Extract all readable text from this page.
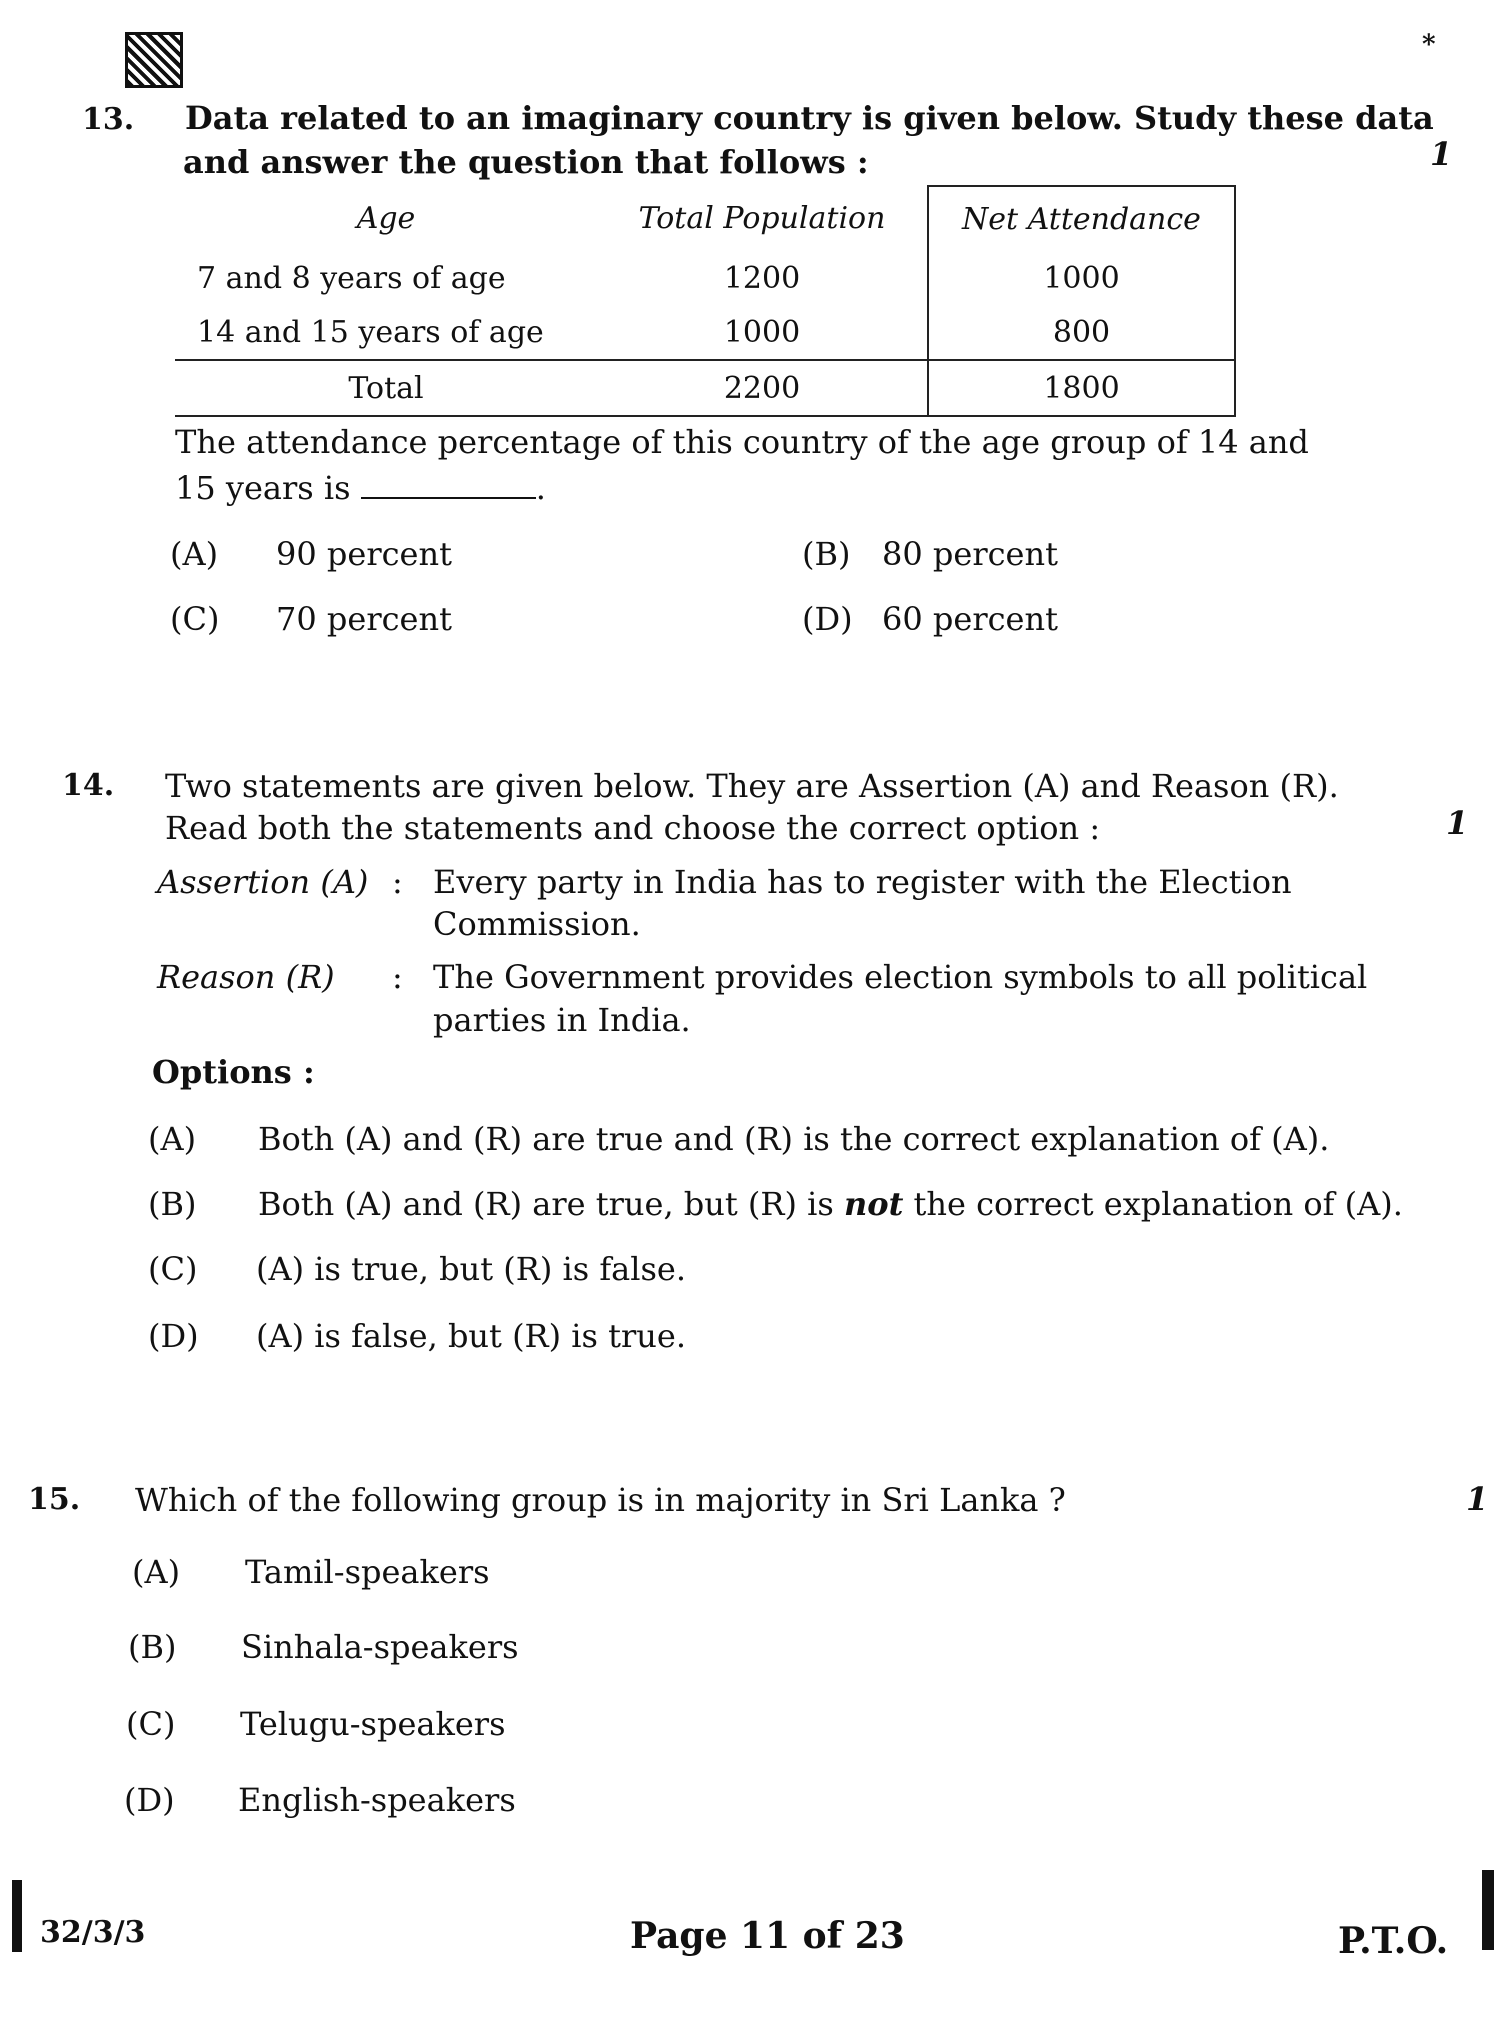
*
13. Data related to an imaginary country is given below. Study these data
and answer the question that follows :	1
Age	Total Population	Net Attendance
7 and 8 years of age	1200	1000
14 and 15 years of age	1000	800
Total	2200	1800
The attendance percentage of this country of the age group of 14 and
15 years is	.
(A) 90 percent	(B) 80 percent
(C) 70 percent	(D) 60 percent
14. Two statements are given below. They are Assertion (A) and Reason (R).
Read both the statements and choose the correct option :	1
Assertion (A) : Every party in India has to register with the Election
Commission.
Reason (R) : The Government provides election symbols to all political
parties in India.
Options :
(A) Both (A) and (R) are true and (R) is the correct explanation of (A).
(B) Both (A) and (R) are true, but (R) is not the correct explanation of (A).
(C) (A) is true, but (R) is false.
(D) (A) is false, but (R) is true.
15. Which of the following group is in majority in Sri Lanka ?	1
(A) Tamil-speakers
(B) Sinhala-speakers
(C) Telugu-speakers
(D) English-speakers
32/3/3	Page 11 of 23	P.T.O.
